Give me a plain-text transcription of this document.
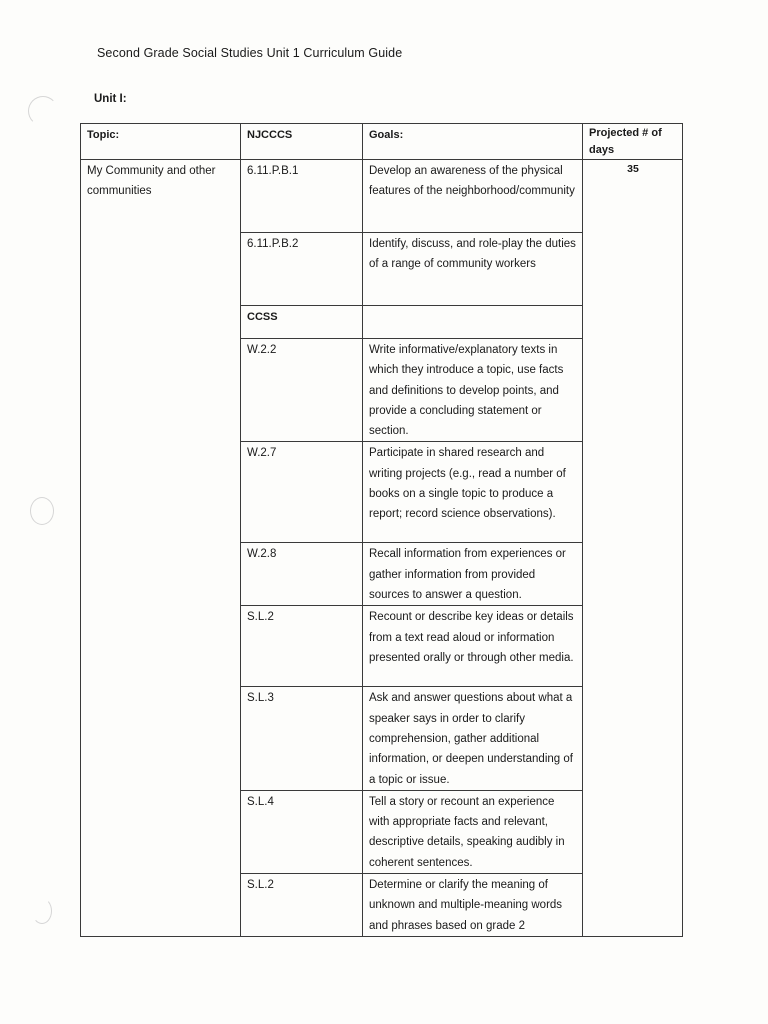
Second Grade Social Studies Unit 1 Curriculum Guide
Unit I:
Topic:	NJCCCS	Goals:	Projected # of days
My Community and other communities	6.11.P.B.1	Develop an awareness of the physical features of the neighborhood/community	35
	6.11.P.B.2	Identify, discuss, and role-play the duties of a range of community workers	
	CCSS		
	W.2.2	Write informative/explanatory texts in which they introduce a topic, use facts and definitions to develop points, and provide a concluding statement or section.	
	W.2.7	Participate in shared research and writing projects (e.g., read a number of books on a single topic to produce a report; record science observations).	
	W.2.8	Recall information from experiences or gather information from provided sources to answer a question.	
	S.L.2	Recount or describe key ideas or details from a text read aloud or information presented orally or through other media.	
	S.L.3	Ask and answer questions about what a speaker says in order to clarify comprehension, gather additional information, or deepen understanding of a topic or issue.	
	S.L.4	Tell a story or recount an experience with appropriate facts and relevant, descriptive details, speaking audibly in coherent sentences.	
	S.L.2	Determine or clarify the meaning of unknown and multiple-meaning words and phrases based on grade 2	
